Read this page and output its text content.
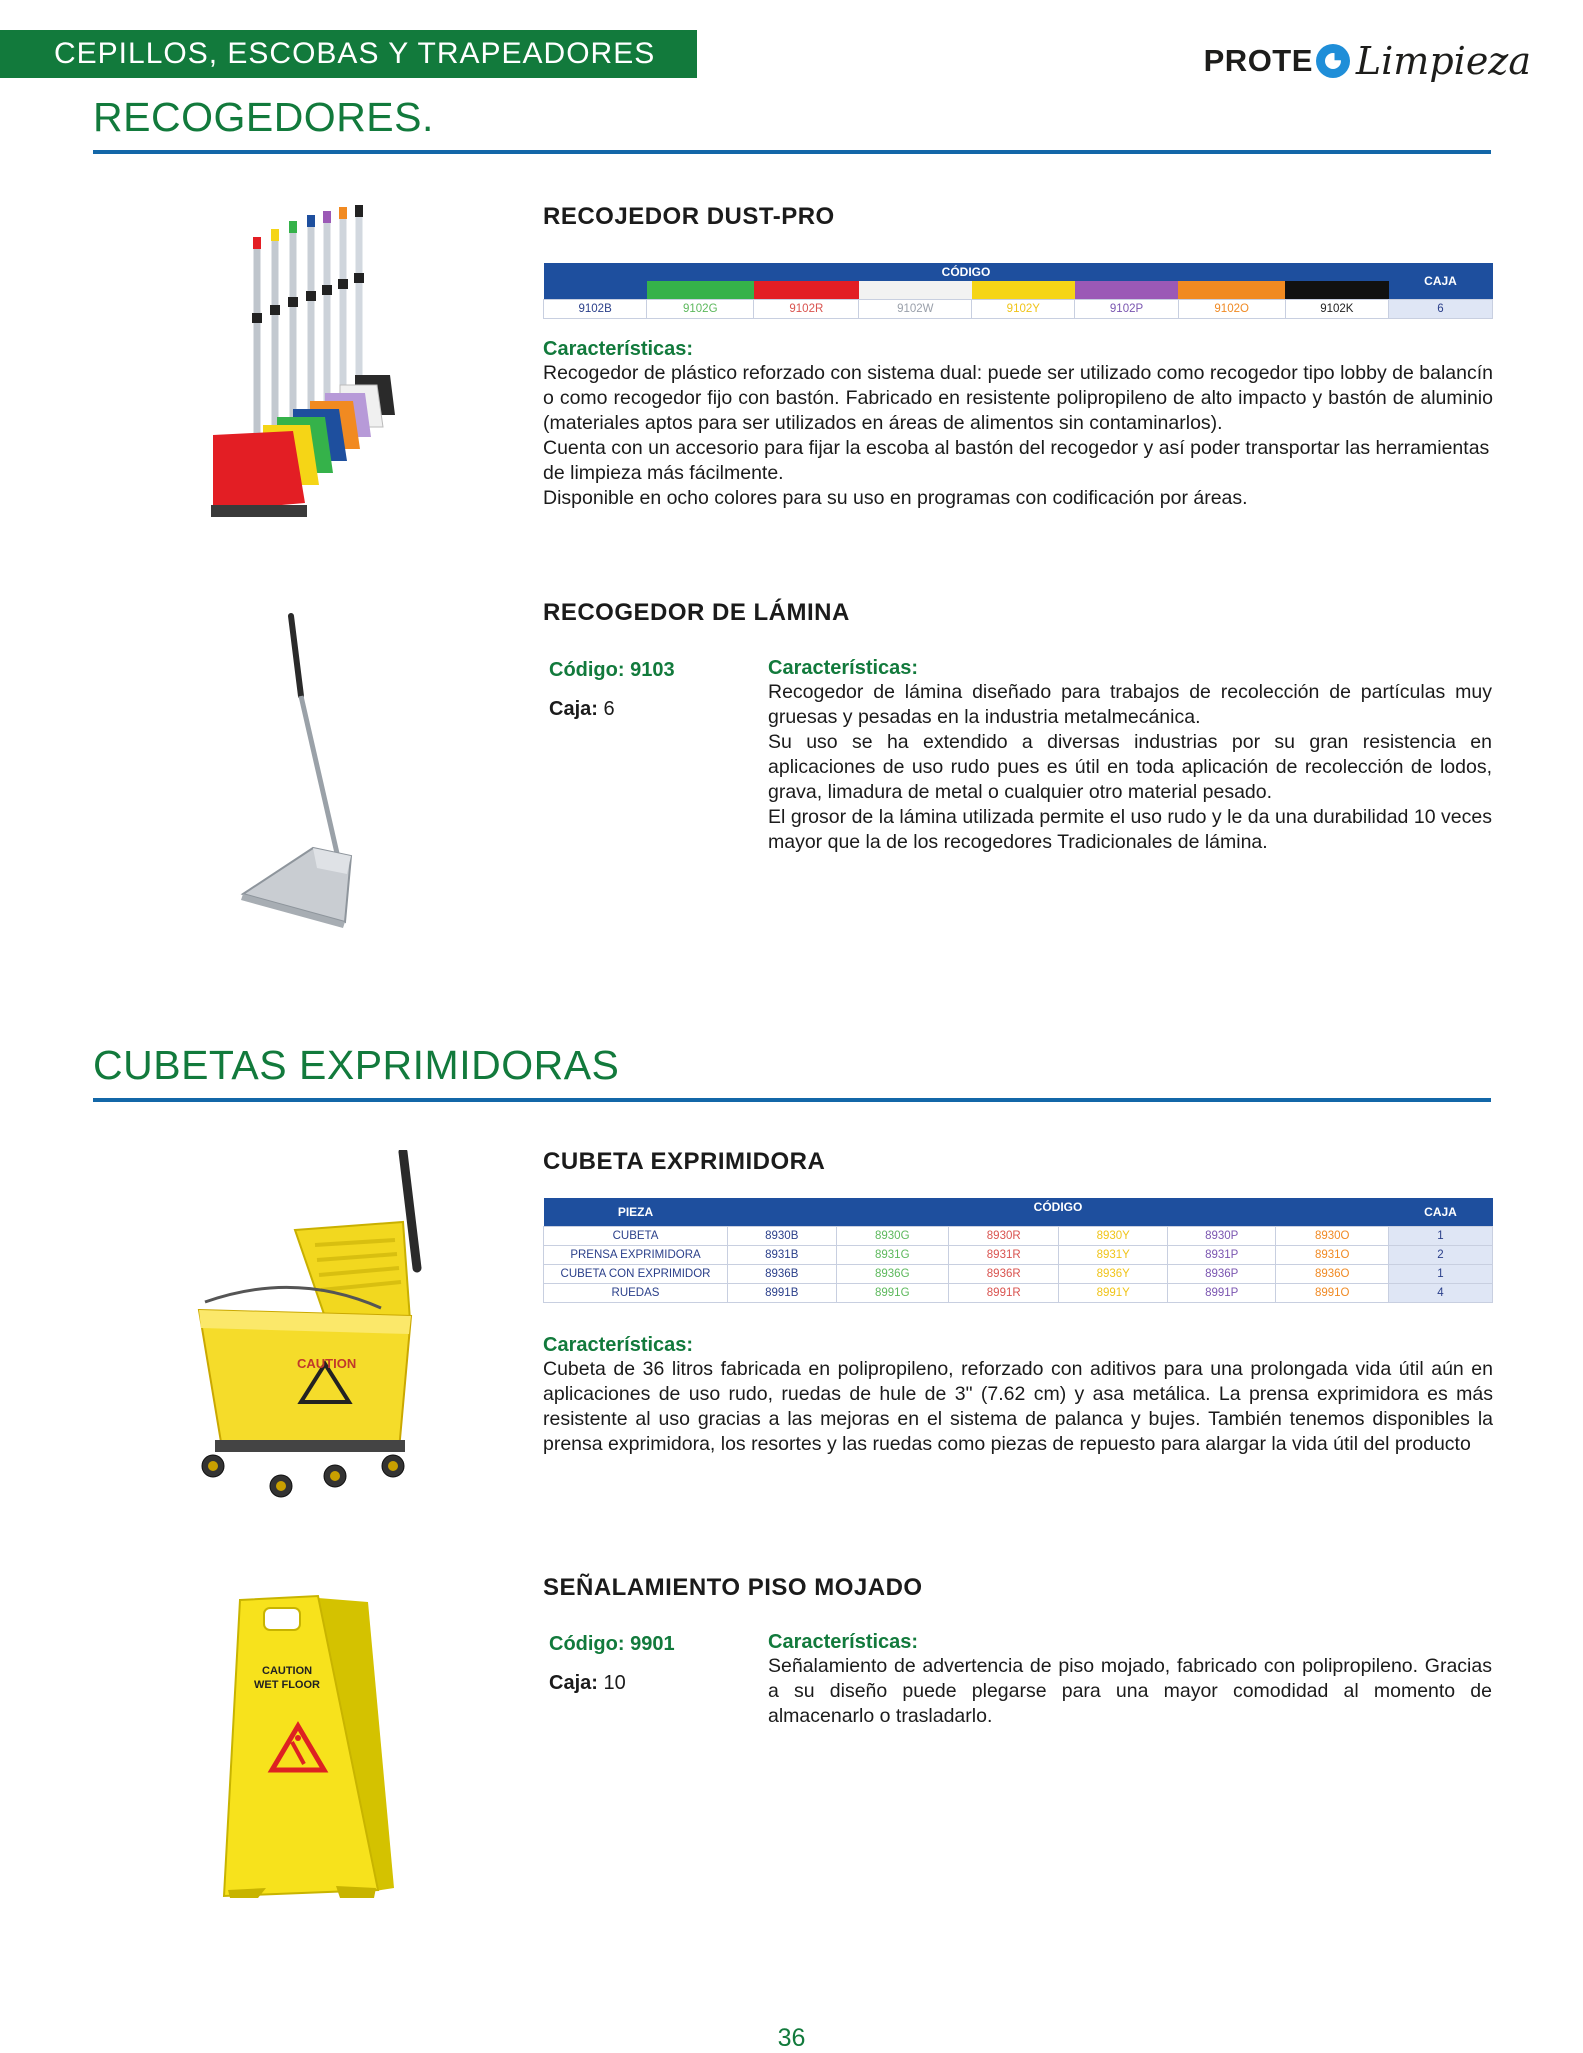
CEPILLOS, ESCOBAS Y TRAPEADORES	PROTE Limpieza
RECOGEDORES.
RECOJEDOR DUST-PRO
CÓDIGO								CAJA

9102B	9102G	9102R	9102W	9102Y	9102P	9102O	9102K	6

Características:

Recogedor de plástico reforzado con sistema dual: puede ser utilizado como recogedor tipo lobby de balancín o como recogedor fijo con bastón. Fabricado en resistente polipropileno de alto impacto y bastón de aluminio (materiales aptos para ser utilizados en áreas de alimentos sin contaminarlos).

Cuenta con un accesorio para fijar la escoba al bastón del recogedor y así poder transportar las herramientas de limpieza más fácilmente.

Disponible en ocho colores para su uso en programas con codificación por áreas.

RECOGEDOR DE LÁMINA
Código: 9103
Caja: 6

Características:

Recogedor de lámina diseñado para trabajos de recolección de partículas muy gruesas y pesadas en la industria metalmecánica.

Su uso se ha extendido a diversas industrias por su gran resistencia en aplicaciones de uso rudo pues es útil en toda aplicación de recolección de lodos, grava, limadura de metal o cualquier otro material pesado.

El grosor de la lámina utilizada permite el uso rudo y le da una durabilidad 10 veces mayor que la de los recogedores Tradicionales de lámina.

CUBETAS EXPRIMIDORAS
CAUTION
CUBETA EXPRIMIDORA
PIEZA	CÓDIGO						CAJA

CUBETA	8930B	8930G	8930R	8930Y	8930P	8930O	1
PRENSA EXPRIMIDORA	8931B	8931G	8931R	8931Y	8931P	8931O	2
CUBETA CON EXPRIMIDOR	8936B	8936G	8936R	8936Y	8936P	8936O	1
RUEDAS	8991B	8991G	8991R	8991Y	8991P	8991O	4

Características:

Cubeta de 36 litros fabricada en polipropileno, reforzado con aditivos para una prolongada vida útil aún en aplicaciones de uso rudo, ruedas de hule de 3" (7.62 cm) y asa metálica. La prensa exprimidora es más resistente al uso gracias a las mejoras en el sistema de palanca y bujes. También tenemos disponibles la prensa exprimidora, los resortes y las ruedas como piezas de repuesto para alargar la vida útil del producto

CAUTION
WET FLOOR
SEÑALAMIENTO PISO MOJADO
Código: 9901
Caja: 10

Características:

Señalamiento de advertencia de piso mojado, fabricado con polipropileno. Gracias a su diseño puede plegarse para una mayor comodidad al momento de almacenarlo o trasladarlo.

36
